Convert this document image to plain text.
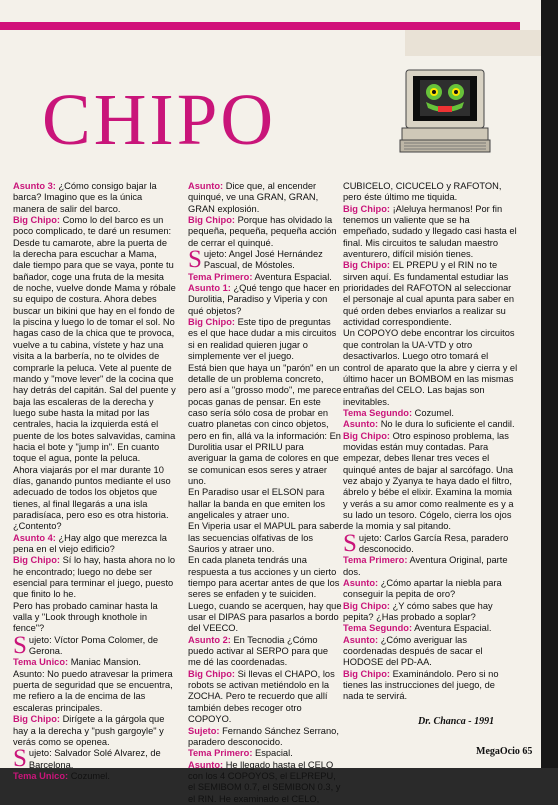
CHIPO
Asunto 3: ¿Cómo consigo bajar la barca? Imagino que es la única manera de salir del barco.
Big Chipo: Como lo del barco es un poco complicado, te daré un resumen: Desde tu camarote, abre la puerta de la derecha para escuchar a Mama, dale tiempo para que se vaya, ponte tu bañador, coge una fruta de la mesita de noche, vuelve donde Mama y róbale su equipo de costura. Ahora debes buscar un bikini que hay en el fondo de la piscina y luego lo de tomar el sol. No hagas caso de la chica que te provoca, vuelve a tu cabina, vístete y haz una visita a la barbería, no te olvides de comprarle la peluca. Vete al puente de mando y "move lever" de la cocina que hay detrás del capitán. Sal del puente y baja las escaleras de la derecha y luego sube hasta la mitad por las centrales, hacia la izquierda está el puente de los botes salvavidas, camina hacia el bote y "jump in". En cuanto toque el agua, ponte la peluca.
Ahora viajarás por el mar durante 10 días, ganando puntos mediante el uso adecuado de todos los objetos que tienes, al final llegarás a una isla paradisíaca, pero eso es otra historia. ¿Contento?
Asunto 4: ¿Hay algo que merezca la pena en el viejo edificio?
Big Chipo: Sí lo hay, hasta ahora no lo he encontrado; luego no debe ser esencial para terminar el juego, puesto que finito lo he.
Pero has probado caminar hasta la valla y "Look through knothole in fence"?
Sujeto: Víctor Poma Colomer, de Gerona.
Tema Unico: Maniac Mansion.
Asunto: No puedo atravesar la primera puerta de seguridad que se encuentra, me refiero a la de encima de las escaleras principales.
Big Chipo: Dirígete a la gárgola que hay a la derecha y "push gargoyle" y verás como se openea.
Sujeto: Salvador Solé Alvarez, de Barcelona.
Tema Unico: Cozumel.
Asunto: Dice que, al encender quinqué, ve una GRAN, GRAN, GRAN explosión.
Big Chipo: Porque has olvidado la pequeña, pequeña, pequeña acción de cerrar el quinqué.
Sujeto: Angel José Hernández Pascual, de Móstoles.
Tema Primero: Aventura Espacial.
Asunto 1: ¿Qué tengo que hacer en Durolitia, Paradiso y Viperia y con qué objetos?
Big Chipo: Este tipo de preguntas es el que hace dudar a mis circuitos si en realidad quieren jugar o simplemente ver el juego.
Está bien que haya un "parón" en un detalle de un problema concreto, pero así a "grosso modo", me parece pocas ganas de pensar. En este caso sería sólo cosa de probar en cuatro planetas con cinco objetos, pero en fin, allá va la información: En Durolitia usar el PRILU para averiguar la gama de colores en que se comunican esos seres y atraer uno.
En Paradiso usar el ELSON para hallar la banda en que emiten los angelicales y atraer uno.
En Viperia usar el MAPUL para saber las secuencias olfativas de los Saurios y atraer uno.
En cada planeta tendrás una respuesta a tus acciones y un cierto tiempo para acertar antes de que los seres se enfaden y te suiciden.
Luego, cuando se acerquen, hay que usar el DIPAS para pasarlos a bordo del VEECO.
Asunto 2: En Tecnodia ¿Cómo puedo activar al SERPO para que me dé las coordenadas.
Big Chipo: Si llevas el CHAPO, los robots se activan metiéndolo en la ZOCHA. Pero te recuerdo que allí también debes recoger otro COPOYO.
Sujeto: Fernando Sánchez Serrano, paradero desconocido.
Tema Primero: Espacial.
Asunto: He llegado hasta el CELO con los 4 COPOYOS, el ELPREPU, el SEMIBOM 0.7, el SEMIBON 0.3, y el RIN. He examinado el CELO,
CUBICELO, CICUCELO y RAFOTON, pero éste último me tiquida.
Big Chipo: ¡Aleluya hermanos! Por fin tenemos un valiente que se ha empeñado, sudado y llegado casi hasta el final. Mis circuitos te saludan maestro aventurero, difícil misión tienes.
Big Chipo: EL PREPU y el RIN no te sirven aquí. Es fundamental estudiar las prioridades del RAFOTON al seleccionar el personaje al cual apunta para saber en qué orden debes enviarlos a realizar su actividad correspondiente.
Un COPOYO debe encontrar los circuitos que controlan la UA-VTD y otro desactivarlos. Luego otro tomará el control de aparato que la abre y cierra y el último hacer un BOMBOM en las mismas entrañas del CELO. Las bajas son inevitables.
Tema Segundo: Cozumel.
Asunto: No le dura lo suficiente el candil.
Big Chipo: Otro espinoso problema, las movidas están muy contadas. Para empezar, debes llenar tres veces el quinqué antes de bajar al sarcófago. Una vez abajo y Zyanya te haya dado el filtro, ábrelo y bébe el elixir. Examina la momia y verás a su amor como realmente es y a su lado un tesoro. Cógelo, cierra los ojos de la momia y sal pitando.
Sujeto: Carlos García Resa, paradero desconocido.
Tema Primero: Aventura Original, parte dos.
Asunto: ¿Cómo apartar la niebla para conseguir la pepita de oro?
Big Chipo: ¿Y cómo sabes que hay pepita? ¿Has probado a soplar?
Tema Segundo: Aventura Espacial.
Asunto: ¿Cómo averiguar las coordenadas después de sacar el HODOSE del PD-AA.
Big Chipo: Examinándolo. Pero si no tienes las instrucciones del juego, de nada te servirá.
Dr. Chanca - 1991
MegaOcio 65
